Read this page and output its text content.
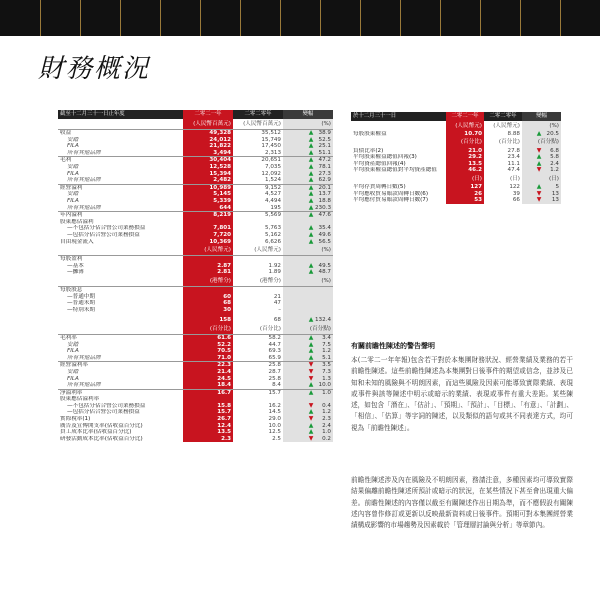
財務概況
截至十二月三十一日止年度	二零二一年	二零二零年	變幅
	(人民幣百萬元)	(人民幣百萬元)	(%)
收益	49,328	35,512	▲ 38.9
安踏	24,012	15,749	▲ 52.5
FILA	21,822	17,450	▲ 25.1
所有其他品牌	3,494	2,313	▲ 51.1
毛利	30,404	20,651	▲ 47.2
安踏	12,528	7,035	▲ 78.1
FILA	15,394	12,092	▲ 27.3
所有其他品牌	2,482	1,524	▲ 62.9
經營溢利	10,989	9,152	▲ 20.1
安踏	5,145	4,527	▲ 13.7
FILA	5,339	4,494	▲ 18.8
所有其他品牌	644	195	▲ 230.3
年內溢利	8,219	5,569	▲ 47.6
股東應佔溢利			
—不包括分佔合營公司業務損益	7,801	5,763	▲ 35.4
—包括分佔合營公司業務損益	7,720	5,162	▲ 49.6
自由現金流入	10,369	6,626	▲ 56.5
	(人民幣元)	(人民幣元)	(%)
每股盈利			
—基本	2.87	1.92	▲ 49.5
—攤薄	2.81	1.89	▲ 48.7
	(港幣分)	(港幣分)	(%)
每股股息			
—普通中期	60	21	
—普通末期	68	47	
—特別末期	30	–	

	158	68	▲ 132.4
	(百分比)	(百分比)	(百分點)
毛利率	61.6	58.2	▲ 3.4
安踏	52.2	44.7	▲ 7.5
FILA	70.5	69.3	▲ 1.2
所有其他品牌	71.0	65.9	▲ 5.1
經營溢利率	22.3	25.8	▼ 3.5
安踏	21.4	28.7	▼ 7.3
FILA	24.5	25.8	▼ 1.3
所有其他品牌	18.4	8.4	▲ 10.0
淨溢利率	16.7	15.7	▲ 1.0
股東應佔溢利率			
—不包括分佔合營公司業務損益	15.8	16.2	▼ 0.4
—包括分佔合營公司業務損益	15.7	14.5	▲ 1.2
實際稅率(1)	26.7	29.0	▼ 2.3
廣告及宣傳開支率(佔收益百分比)	12.4	10.0	▲ 2.4
員工成本比率(佔收益百分比)	13.5	12.5	▲ 1.0
研發活動成本比率(佔收益百分比)	2.3	2.5	▼ 0.2
於十二月三十一日	二零二一年	二零二零年	變幅
	(人民幣元)	(人民幣元)	(%)
每股股東權益	10.70	8.88	▲ 20.5
	(百分比)	(百分比)	(百分點)
負債比率(2)	21.0	27.8	▼ 6.8
平均股東權益總值回報(3)	29.2	23.4	▲ 5.8
平均資產總值回報(4)	13.5	11.1	▲ 2.4
平均股東權益總值對平均資產總值	46.2	47.4	▼ 1.2
	(日)	(日)	(日)
平均存貨周轉日數(5)	127	122	▲ 5
平均應收貿易賬款周轉日數(6)	26	39	▼ 13
平均應付貿易賬款周轉日數(7)	53	66	▼ 13
有關前瞻性陳述的警告聲明

本(二零二一年年報)包含若干對於本集團財務狀況、經營業績及業務的若干前瞻性陳述。這些前瞻性陳述為本集團對日後事件的期望或信念，並涉及已知和未知的風險與不明朗因素，而這些風險及因素可能導致實際業績、表現或事件與該等陳述中明示或暗示的業績、表現或事件有重大差距。某些陳述，如包含「潛在」、「估計」、「預期」、「預計」、「目標」、「有意」、「計劃」、「相信」、「估算」等字詞的陳述，以及類似的語句或其不同表達方式，均可視為「前瞻性陳述」。

前瞻性陳述涉及內在風險及不明朗因素，務請注意，多種因素均可導致實際結果偏離前瞻性陳述所預計或暗示的狀況，在某些情況下甚至會出現重大偏差。前瞻性陳述的內容僅以截至有關陳述作出日期為準，而不應假設有關陳述內容曾作修訂或更新以反映最新資料或日後事件。預期可對本集團經營業績構成影響的市場趨勢及因素載於「管理層討論與分析」等章節內。
